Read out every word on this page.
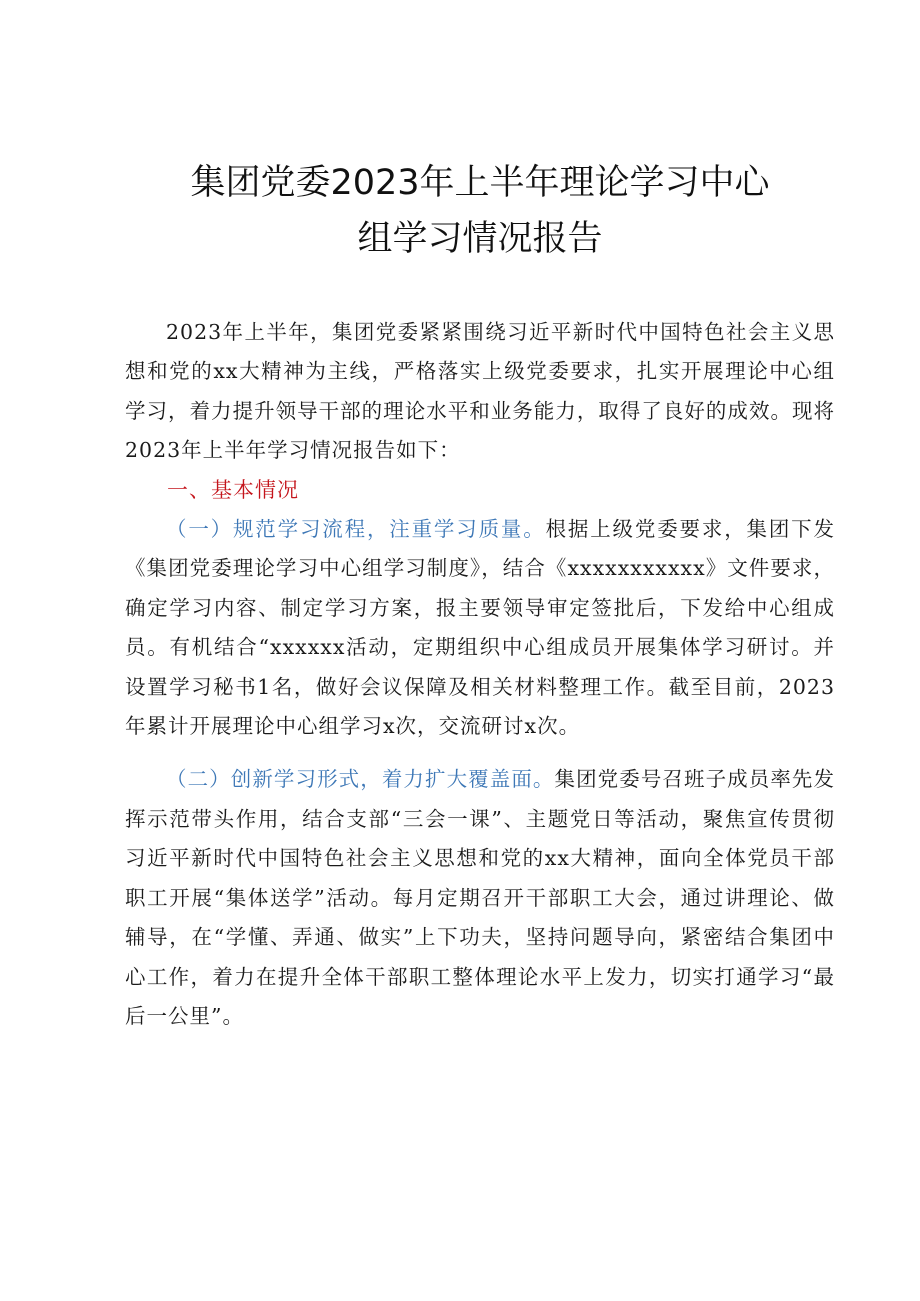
集团党委2023年上半年理论学习中心
组学习情况报告

2023年上半年，集团党委紧紧围绕习近平新时代中国特色社会主义思想和党的xx大精神为主线，严格落实上级党委要求，扎实开展理论中心组学习，着力提升领导干部的理论水平和业务能力，取得了良好的成效。现将2023年上半年学习情况报告如下：

一、基本情况

（一）规范学习流程，注重学习质量。根据上级党委要求，集团下发《集团党委理论学习中心组学习制度》，结合《xxxxxxxxxxx》文件要求，确定学习内容、制定学习方案，报主要领导审定签批后，下发给中心组成员。有机结合“xxxxxx活动，定期组织中心组成员开展集体学习研讨。并设置学习秘书1名，做好会议保障及相关材料整理工作。截至目前，2023年累计开展理论中心组学习x次，交流研讨x次。

（二）创新学习形式，着力扩大覆盖面。集团党委号召班子成员率先发挥示范带头作用，结合支部“三会一课”、主题党日等活动，聚焦宣传贯彻习近平新时代中国特色社会主义思想和党的xx大精神，面向全体党员干部职工开展“集体送学”活动。每月定期召开干部职工大会，通过讲理论、做辅导，在“学懂、弄通、做实”上下功夫，坚持问题导向，紧密结合集团中心工作，着力在提升全体干部职工整体理论水平上发力，切实打通学习“最后一公里”。
